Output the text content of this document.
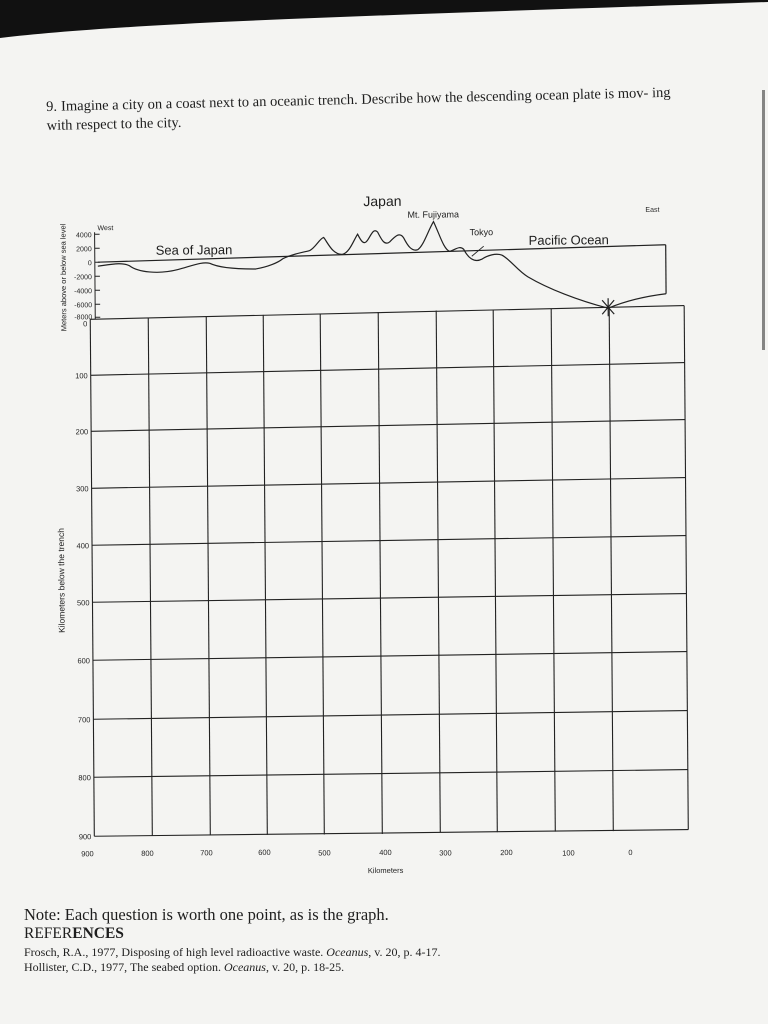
9. Imagine a city on a coast next to an oceanic trench. Describe how the descending ocean plate is mov- ing with respect to the city.
4000
2000
0
-2000
-4000
-6000
-8000
Meters above or below sea level 0
100
200
300
400
500
600
700
800
900
Kilometers below the trench
900	800	700	600	500	400	300	200	100	0
Kilometers
West
East
Japan
Mt. Fujiyama
Tokyo
Sea of Japan
Pacific Ocean
Note: Each question is worth one point, as is the graph.
REFERENCES
Frosch, R.A., 1977, Disposing of high level radioactive waste. Oceanus, v. 20, p. 4-17.
Hollister, C.D., 1977, The seabed option. Oceanus, v. 20, p. 18-25.
